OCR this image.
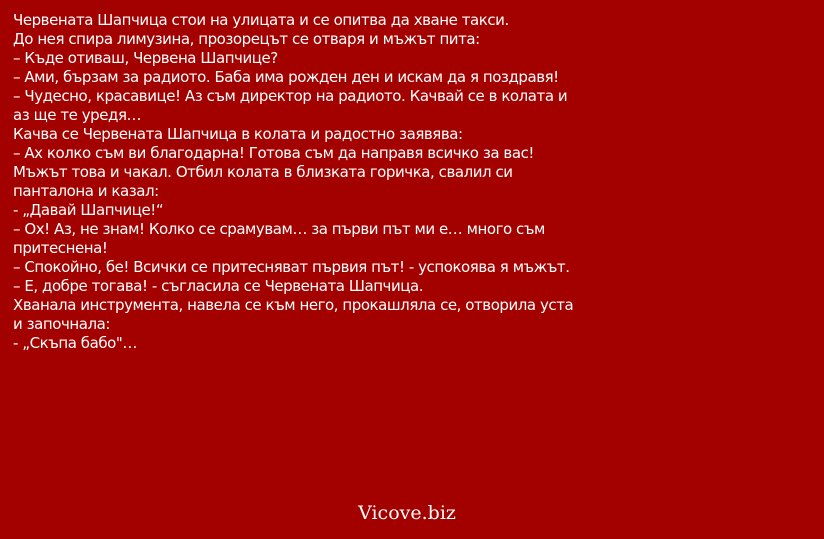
Червената Шапчица стои на улицата и се опитва да хване такси.
До нея спира лимузина, прозорецът се отваря и мъжът пита:
– Къде отиваш, Червена Шапчице?
– Ами, бързам за радиото. Баба има рожден ден и искам да я поздравя!
– Чудесно, красавице! Аз съм директор на радиото. Качвай се в колата и аз ще те уредя…
Качва се Червената Шапчица в колата и радостно заявява:
– Ах колко съм ви благодарна! Готова съм да направя всичко за вас!
Мъжът това и чакал. Отбил колата в близката горичка, свалил си панталона и казал:
- „Давай Шапчице!“
– Ох! Аз, не знам! Колко се срамувам… за първи път ми е… много съм притеснена!
– Спокойно, бе! Всички се притесняват първия път! - успокоява я мъжът.
– Е, добре тогава! - съгласила се Червената Шапчица.
Хванала инструмента, навела се към него, прокашляла се, отворила уста и започнала:
- „Скъпа бабо"…
Vicove.biz
